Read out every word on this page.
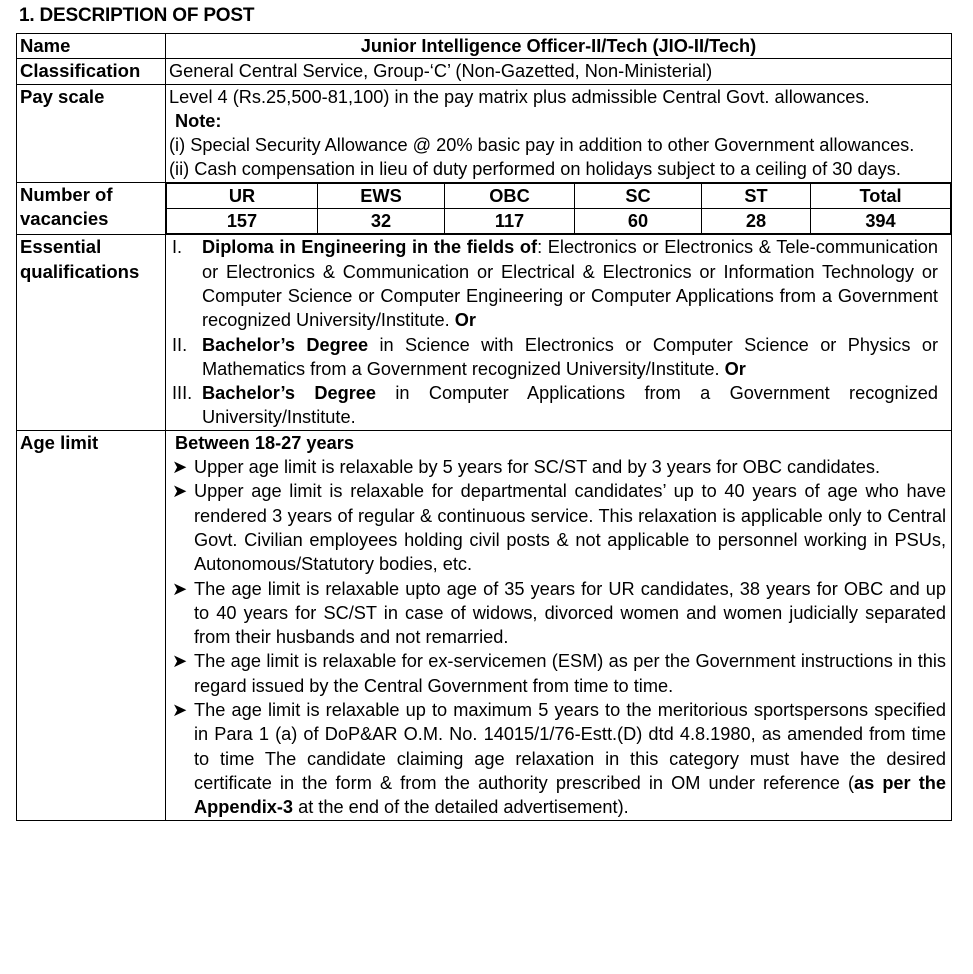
1. DESCRIPTION OF POST
Name	Junior Intelligence Officer-II/Tech (JIO-II/Tech)
Classification	General Central Service, Group-‘C’ (Non-Gazetted, Non-Ministerial)
Pay scale	Level 4 (Rs.25,500-81,100) in the pay matrix plus admissible Central Govt. allowances.
Note:
(i) Special Security Allowance @ 20% basic pay in addition to other Government allowances.
(ii) Cash compensation in lieu of duty performed on holidays subject to a ceiling of 30 days.

Number of vacancies	
UR	EWS	OBC	SC	ST	Total
157	32	117	60	28	394

Essential qualifications	
I.	Diploma in Engineering in the fields of: Electronics or Electronics & Tele-communication or Electronics & Communication or Electrical & Electronics or Information Technology or Computer Science or Computer Engineering or Computer Applications from a Government recognized University/Institute. Or
II. Bachelor’s Degree in Science with Electronics or Computer Science or Physics or Mathematics from a Government recognized University/Institute. Or
III. Bachelor’s Degree in Computer Applications from a Government recognized University/Institute.

Age limit	Between 18-27 years
➤ Upper age limit is relaxable by 5 years for SC/ST and by 3 years for OBC candidates.
➤ Upper age limit is relaxable for departmental candidates’ up to 40 years of age who have rendered 3 years of regular & continuous service. This relaxation is applicable only to Central Govt. Civilian employees holding civil posts & not applicable to personnel working in PSUs, Autonomous/Statutory bodies, etc.
➤ The age limit is relaxable upto age of 35 years for UR candidates, 38 years for OBC and up to 40 years for SC/ST in case of widows, divorced women and women judicially separated from their husbands and not remarried.
➤ The age limit is relaxable for ex-servicemen (ESM) as per the Government instructions in this regard issued by the Central Government from time to time.
➤ The age limit is relaxable up to maximum 5 years to the meritorious sportspersons specified in Para 1 (a) of DoP&AR O.M. No. 14015/1/76-Estt.(D) dtd 4.8.1980, as amended from time to time The candidate claiming age relaxation in this category must have the desired certificate in the form & from the authority prescribed in OM under reference (as per the Appendix-3 at the end of the detailed advertisement).
